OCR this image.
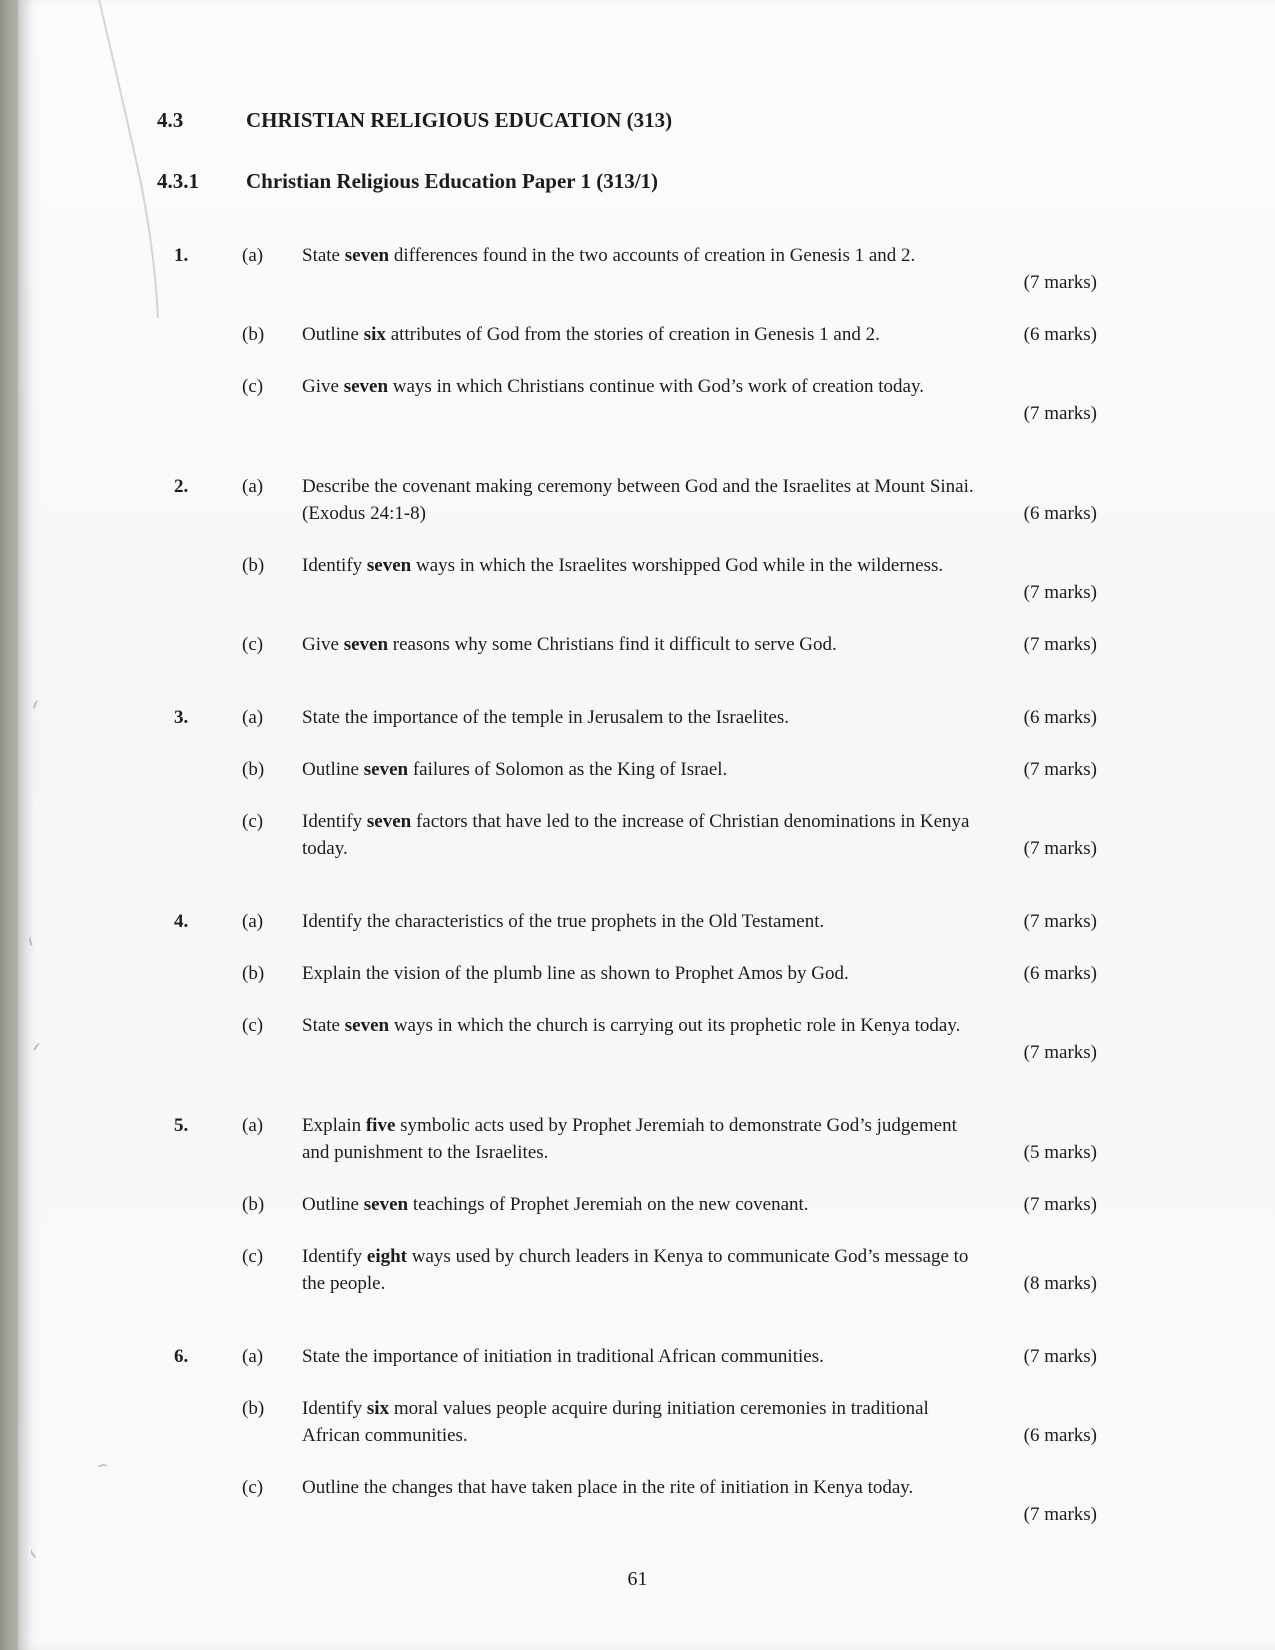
4.3	CHRISTIAN RELIGIOUS EDUCATION (313)
4.3.1	Christian Religious Education Paper 1 (313/1)
1.	(a)	State seven differences found in the two accounts of creation in Genesis 1 and 2.
(7 marks)
(b)	Outline six attributes of God from the stories of creation in Genesis 1 and 2.	(6 marks)
(c)	Give seven ways in which Christians continue with God’s work of creation today.
(7 marks)
2.	(a)	Describe the covenant making ceremony between God and the Israelites at Mount Sinai.
(Exodus 24:1-8)	(6 marks)
(b)	Identify seven ways in which the Israelites worshipped God while in the wilderness.
(7 marks)
(c)	Give seven reasons why some Christians find it difficult to serve God.	(7 marks)
3.	(a)	State the importance of the temple in Jerusalem to the Israelites.	(6 marks)
(b)	Outline seven failures of Solomon as the King of Israel.	(7 marks)
(c)	Identify seven factors that have led to the increase of Christian denominations in Kenya
today.	(7 marks)
4.	(a)	Identify the characteristics of the true prophets in the Old Testament.	(7 marks)
(b)	Explain the vision of the plumb line as shown to Prophet Amos by God.	(6 marks)
(c)	State seven ways in which the church is carrying out its prophetic role in Kenya today.
(7 marks)
5.	(a)	Explain five symbolic acts used by Prophet Jeremiah to demonstrate God’s judgement
and punishment to the Israelites.	(5 marks)
(b)	Outline seven teachings of Prophet Jeremiah on the new covenant.	(7 marks)
(c)	Identify eight ways used by church leaders in Kenya to communicate God’s message to
the people.	(8 marks)
6.	(a)	State the importance of initiation in traditional African communities.	(7 marks)
(b)	Identify six moral values people acquire during initiation ceremonies in traditional
African communities.	(6 marks)
(c)	Outline the changes that have taken place in the rite of initiation in Kenya today.
(7 marks)
61
